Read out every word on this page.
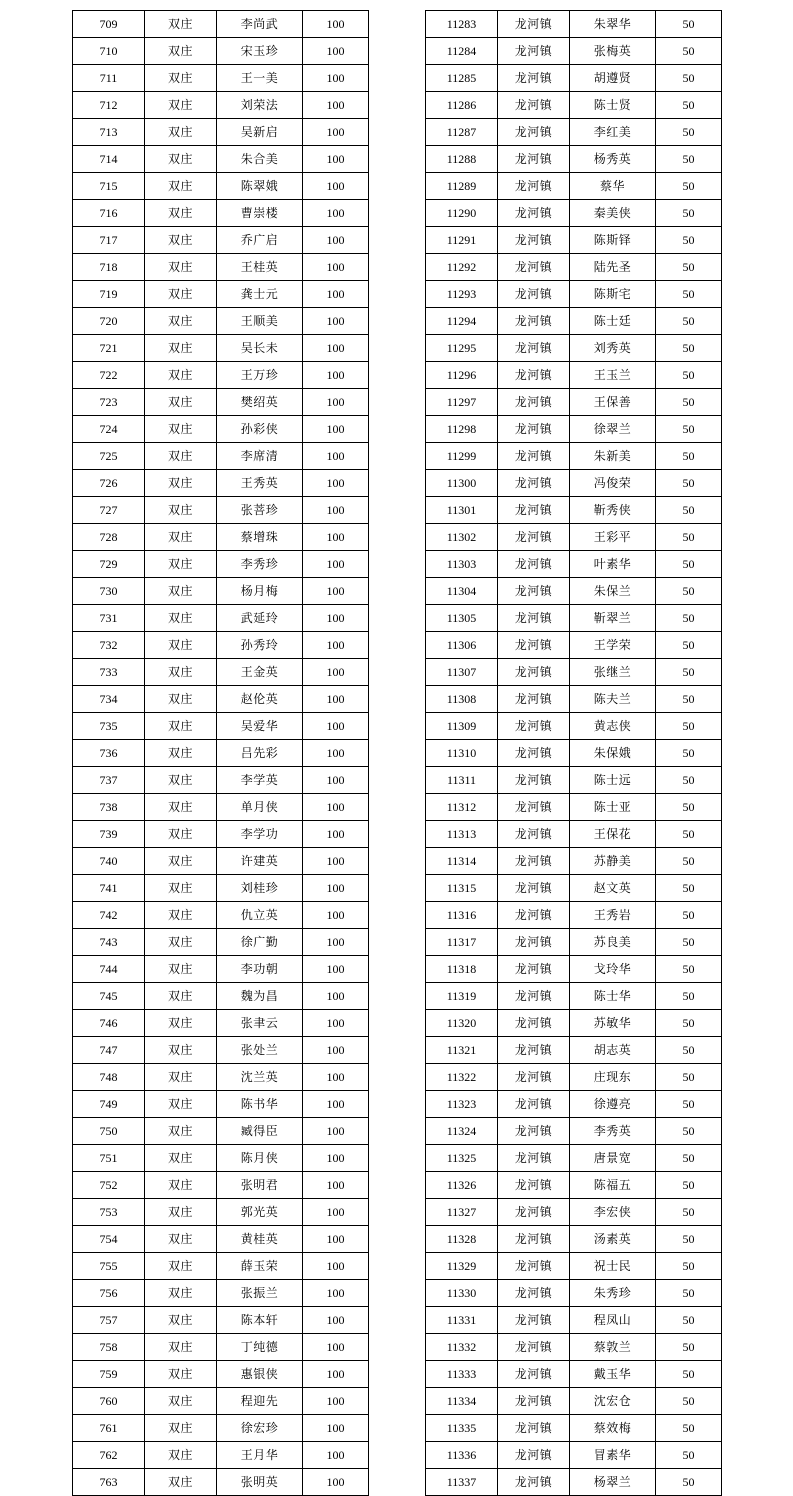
709	双庄	李尚武	100
710	双庄	宋玉珍	100
711	双庄	王一美	100
712	双庄	刘荣法	100
713	双庄	吴新启	100
714	双庄	朱合美	100
715	双庄	陈翠娥	100
716	双庄	曹崇楼	100
717	双庄	乔广启	100
718	双庄	王桂英	100
719	双庄	龚士元	100
720	双庄	王顺美	100
721	双庄	吴长未	100
722	双庄	王万珍	100
723	双庄	樊绍英	100
724	双庄	孙彩侠	100
725	双庄	李席清	100
726	双庄	王秀英	100
727	双庄	张菩珍	100
728	双庄	蔡增珠	100
729	双庄	李秀珍	100
730	双庄	杨月梅	100
731	双庄	武延玲	100
732	双庄	孙秀玲	100
733	双庄	王金英	100
734	双庄	赵伦英	100
735	双庄	吴爱华	100
736	双庄	吕先彩	100
737	双庄	李学英	100
738	双庄	单月侠	100
739	双庄	李学功	100
740	双庄	许建英	100
741	双庄	刘桂珍	100
742	双庄	仇立英	100
743	双庄	徐广勤	100
744	双庄	李功朝	100
745	双庄	魏为昌	100
746	双庄	张聿云	100
747	双庄	张处兰	100
748	双庄	沈兰英	100
749	双庄	陈书华	100
750	双庄	臧得臣	100
751	双庄	陈月侠	100
752	双庄	张明君	100
753	双庄	郭光英	100
754	双庄	黄桂英	100
755	双庄	薛玉荣	100
756	双庄	张振兰	100
757	双庄	陈本轩	100
758	双庄	丁纯德	100
759	双庄	惠银侠	100
760	双庄	程迎先	100
761	双庄	徐宏珍	100
762	双庄	王月华	100
763	双庄	张明英	100
11283	龙河镇	朱翠华	50
11284	龙河镇	张梅英	50
11285	龙河镇	胡遵贤	50
11286	龙河镇	陈士贤	50
11287	龙河镇	李红美	50
11288	龙河镇	杨秀英	50
11289	龙河镇	蔡华	50
11290	龙河镇	秦美侠	50
11291	龙河镇	陈斯铎	50
11292	龙河镇	陆先圣	50
11293	龙河镇	陈斯宅	50
11294	龙河镇	陈士廷	50
11295	龙河镇	刘秀英	50
11296	龙河镇	王玉兰	50
11297	龙河镇	王保善	50
11298	龙河镇	徐翠兰	50
11299	龙河镇	朱新美	50
11300	龙河镇	冯俊荣	50
11301	龙河镇	靳秀侠	50
11302	龙河镇	王彩平	50
11303	龙河镇	叶素华	50
11304	龙河镇	朱保兰	50
11305	龙河镇	靳翠兰	50
11306	龙河镇	王学荣	50
11307	龙河镇	张继兰	50
11308	龙河镇	陈夫兰	50
11309	龙河镇	黄志侠	50
11310	龙河镇	朱保娥	50
11311	龙河镇	陈士远	50
11312	龙河镇	陈士亚	50
11313	龙河镇	王保花	50
11314	龙河镇	苏静美	50
11315	龙河镇	赵文英	50
11316	龙河镇	王秀岩	50
11317	龙河镇	苏良美	50
11318	龙河镇	戈玲华	50
11319	龙河镇	陈士华	50
11320	龙河镇	苏敏华	50
11321	龙河镇	胡志英	50
11322	龙河镇	庄现东	50
11323	龙河镇	徐遵亮	50
11324	龙河镇	李秀英	50
11325	龙河镇	唐景宽	50
11326	龙河镇	陈福五	50
11327	龙河镇	李宏侠	50
11328	龙河镇	汤素英	50
11329	龙河镇	祝士民	50
11330	龙河镇	朱秀珍	50
11331	龙河镇	程凤山	50
11332	龙河镇	蔡敦兰	50
11333	龙河镇	戴玉华	50
11334	龙河镇	沈宏仓	50
11335	龙河镇	蔡效梅	50
11336	龙河镇	冒素华	50
11337	龙河镇	杨翠兰	50
